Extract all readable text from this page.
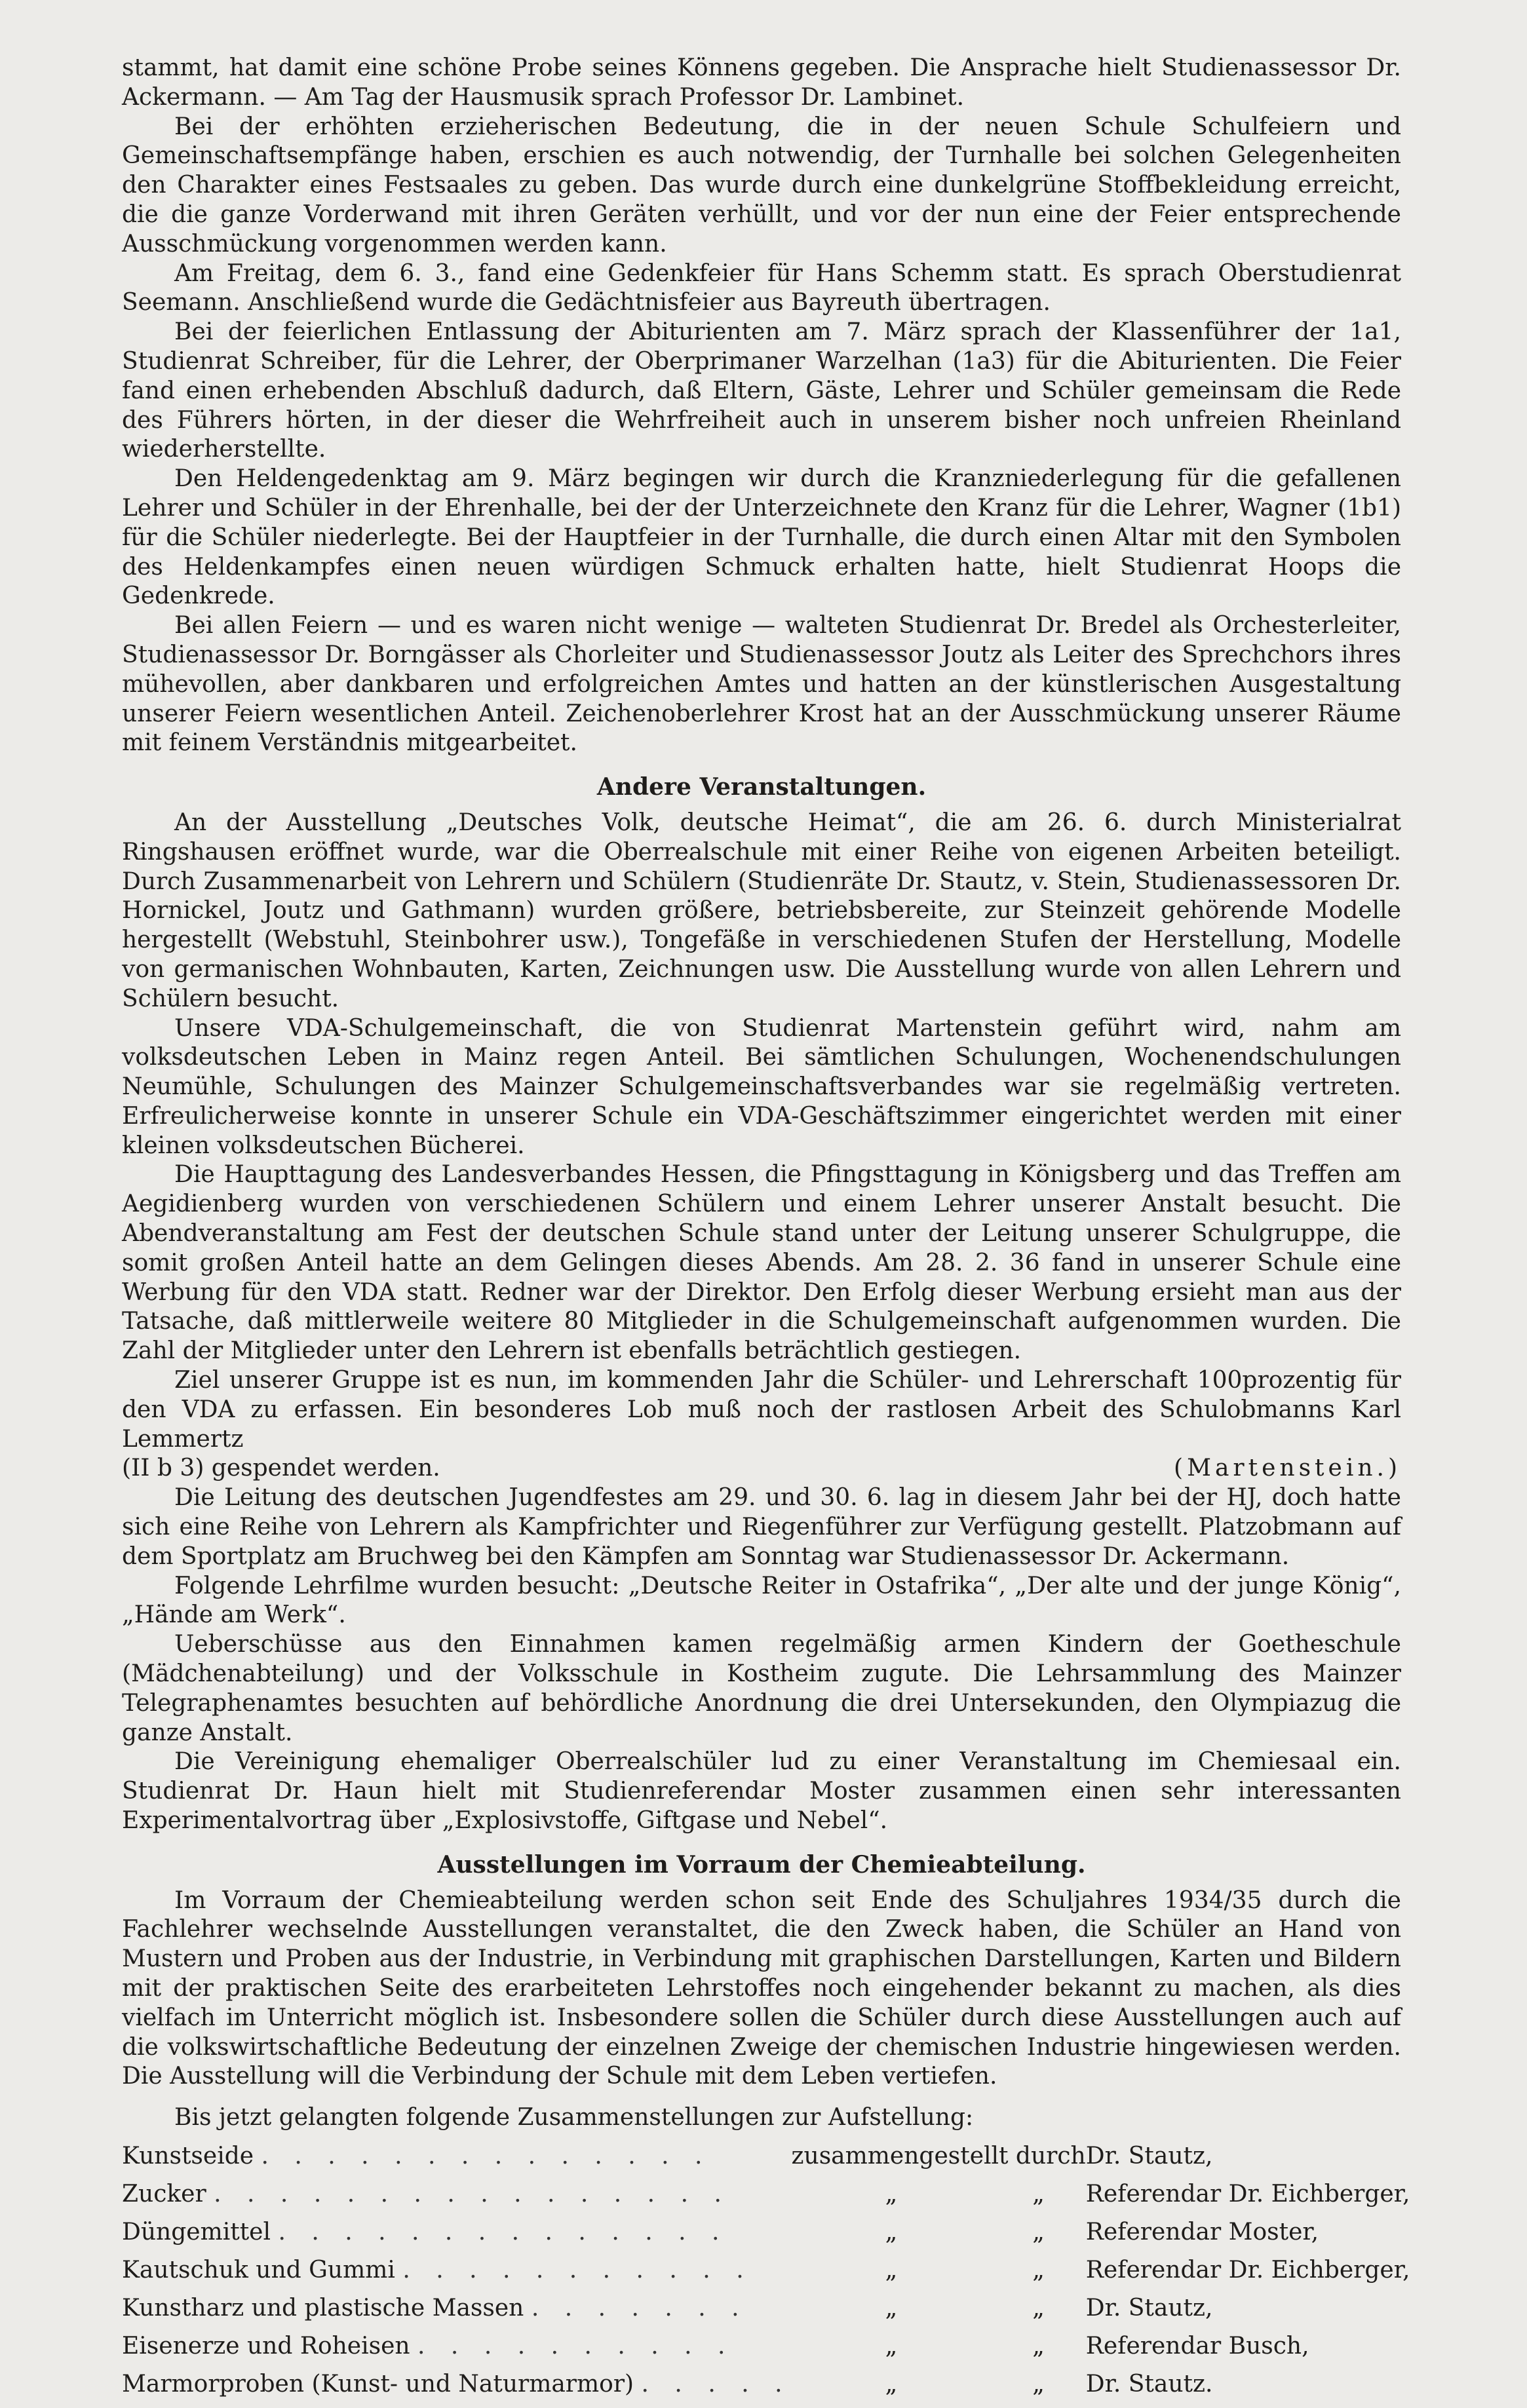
stammt, hat damit eine schöne Probe seines Könnens gegeben. Die Ansprache hielt Studienassessor Dr. Ackermann. — Am Tag der Hausmusik sprach Professor Dr. Lambinet.

Bei der erhöhten erzieherischen Bedeutung, die in der neuen Schule Schulfeiern und Gemeinschaftsempfänge haben, erschien es auch notwendig, der Turnhalle bei solchen Gelegenheiten den Charakter eines Festsaales zu geben. Das wurde durch eine dunkelgrüne Stoffbekleidung erreicht, die die ganze Vorderwand mit ihren Geräten verhüllt, und vor der nun eine der Feier entsprechende Ausschmückung vorgenommen werden kann.

Am Freitag, dem 6. 3., fand eine Gedenkfeier für Hans Schemm statt. Es sprach Oberstudienrat Seemann. Anschließend wurde die Gedächtnisfeier aus Bayreuth übertragen.

Bei der feierlichen Entlassung der Abiturienten am 7. März sprach der Klassenführer der 1a1, Studienrat Schreiber, für die Lehrer, der Oberprimaner Warzelhan (1a3) für die Abiturienten. Die Feier fand einen erhebenden Abschluß dadurch, daß Eltern, Gäste, Lehrer und Schüler gemeinsam die Rede des Führers hörten, in der dieser die Wehrfreiheit auch in unserem bisher noch unfreien Rheinland wiederherstellte.

Den Heldengedenktag am 9. März begingen wir durch die Kranzniederlegung für die gefallenen Lehrer und Schüler in der Ehrenhalle, bei der der Unterzeichnete den Kranz für die Lehrer, Wagner (1b1) für die Schüler niederlegte. Bei der Hauptfeier in der Turnhalle, die durch einen Altar mit den Symbolen des Heldenkampfes einen neuen würdigen Schmuck erhalten hatte, hielt Studienrat Hoops die Gedenkrede.

Bei allen Feiern — und es waren nicht wenige — walteten Studienrat Dr. Bredel als Orchesterleiter, Studienassessor Dr. Borngässer als Chorleiter und Studienassessor Joutz als Leiter des Sprechchors ihres mühevollen, aber dankbaren und erfolgreichen Amtes und hatten an der künstlerischen Ausgestaltung unserer Feiern wesentlichen Anteil. Zeichenoberlehrer Krost hat an der Ausschmückung unserer Räume mit feinem Verständnis mitgearbeitet.

Andere Veranstaltungen.

An der Ausstellung „Deutsches Volk, deutsche Heimat“, die am 26. 6. durch Ministerialrat Ringshausen eröffnet wurde, war die Oberrealschule mit einer Reihe von eigenen Arbeiten beteiligt. Durch Zusammenarbeit von Lehrern und Schülern (Studienräte Dr. Stautz, v. Stein, Studienassessoren Dr. Hornickel, Joutz und Gathmann) wurden größere, betriebsbereite, zur Steinzeit gehörende Modelle hergestellt (Webstuhl, Steinbohrer usw.), Tongefäße in verschiedenen Stufen der Herstellung, Modelle von germanischen Wohnbauten, Karten, Zeichnungen usw. Die Ausstellung wurde von allen Lehrern und Schülern besucht.

Unsere VDA-Schulgemeinschaft, die von Studienrat Martenstein geführt wird, nahm am volksdeutschen Leben in Mainz regen Anteil. Bei sämtlichen Schulungen, Wochenendschulungen Neumühle, Schulungen des Mainzer Schulgemeinschaftsverbandes war sie regelmäßig vertreten. Erfreulicherweise konnte in unserer Schule ein VDA-Geschäftszimmer eingerichtet werden mit einer kleinen volksdeutschen Bücherei.

Die Haupttagung des Landesverbandes Hessen, die Pfingsttagung in Königsberg und das Treffen am Aegidienberg wurden von verschiedenen Schülern und einem Lehrer unserer Anstalt besucht. Die Abendveranstaltung am Fest der deutschen Schule stand unter der Leitung unserer Schulgruppe, die somit großen Anteil hatte an dem Gelingen dieses Abends. Am 28. 2. 36 fand in unserer Schule eine Werbung für den VDA statt. Redner war der Direktor. Den Erfolg dieser Werbung ersieht man aus der Tatsache, daß mittlerweile weitere 80 Mitglieder in die Schulgemeinschaft aufgenommen wurden. Die Zahl der Mitglieder unter den Lehrern ist ebenfalls beträchtlich gestiegen.

Ziel unserer Gruppe ist es nun, im kommenden Jahr die Schüler- und Lehrerschaft 100prozentig für den VDA zu erfassen. Ein besonderes Lob muß noch der rastlosen Arbeit des Schulobmanns Karl Lemmertz

(II b 3) gespendet werden.	(Martenstein.)

Die Leitung des deutschen Jugendfestes am 29. und 30. 6. lag in diesem Jahr bei der HJ, doch hatte sich eine Reihe von Lehrern als Kampfrichter und Riegenführer zur Verfügung gestellt. Platzobmann auf dem Sportplatz am Bruchweg bei den Kämpfen am Sonntag war Studienassessor Dr. Ackermann.

Folgende Lehrfilme wurden besucht: „Deutsche Reiter in Ostafrika“, „Der alte und der junge König“, „Hände am Werk“.

Ueberschüsse aus den Einnahmen kamen regelmäßig armen Kindern der Goetheschule (Mädchenabteilung) und der Volksschule in Kostheim zugute. Die Lehrsammlung des Mainzer Telegraphenamtes besuchten auf behördliche Anordnung die drei Untersekunden, den Olympiazug die ganze Anstalt.

Die Vereinigung ehemaliger Oberrealschüler lud zu einer Veranstaltung im Chemiesaal ein. Studienrat Dr. Haun hielt mit Studienreferendar Moster zusammen einen sehr interessanten Experimentalvortrag über „Explosivstoffe, Giftgase und Nebel“.

Ausstellungen im Vorraum der Chemieabteilung.

Im Vorraum der Chemieabteilung werden schon seit Ende des Schuljahres 1934/35 durch die Fachlehrer wechselnde Ausstellungen veranstaltet, die den Zweck haben, die Schüler an Hand von Mustern und Proben aus der Industrie, in Verbindung mit graphischen Darstellungen, Karten und Bildern mit der praktischen Seite des erarbeiteten Lehrstoffes noch eingehender bekannt zu machen, als dies vielfach im Unterricht möglich ist. Insbesondere sollen die Schüler durch diese Ausstellungen auch auf die volkswirtschaftliche Bedeutung der einzelnen Zweige der chemischen Industrie hingewiesen werden. Die Ausstellung will die Verbindung der Schule mit dem Leben vertiefen.

Bis jetzt gelangten folgende Zusammenstellungen zur Aufstellung:

Kunstseide . . . . . . . . . . . . . .	zusammengestellt durch		Dr. Stautz,
Zucker . . . . . . . . . . . . . . . .	„	„	Referendar Dr. Eichberger,
Düngemittel . . . . . . . . . . . . . .	„	„	Referendar Moster,
Kautschuk und Gummi . . . . . . . . . . .	„	„	Referendar Dr. Eichberger,
Kunstharz und plastische Massen . . . . . . .	„	„	Dr. Stautz,
Eisenerze und Roheisen . . . . . . . . . .	„	„	Referendar Busch,
Marmorproben (Kunst- und Naturmarmor) . . . . .	„	„	Dr. Stautz.
